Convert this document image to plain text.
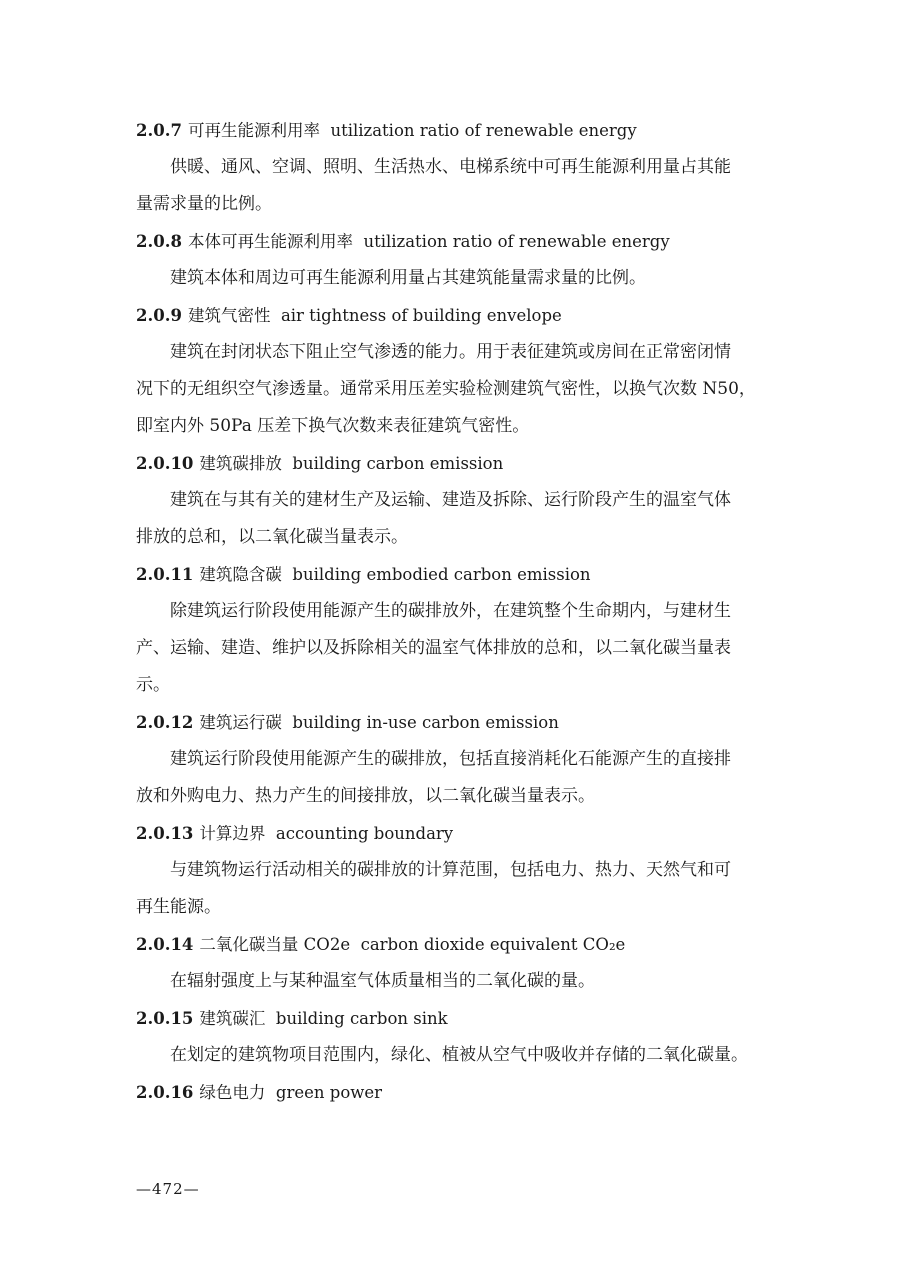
2.0.7 可再生能源利用率 utilization ratio of renewable energy

供暖、通风、空调、照明、生活热水、电梯系统中可再生能源利用量占其能

量需求量的比例。

2.0.8 本体可再生能源利用率 utilization ratio of renewable energy

建筑本体和周边可再生能源利用量占其建筑能量需求量的比例。

2.0.9 建筑气密性 air tightness of building envelope

建筑在封闭状态下阻止空气渗透的能力。用于表征建筑或房间在正常密闭情

况下的无组织空气渗透量。通常采用压差实验检测建筑气密性，以换气次数 N50，

即室内外 50Pa 压差下换气次数来表征建筑气密性。

2.0.10 建筑碳排放 building carbon emission

建筑在与其有关的建材生产及运输、建造及拆除、运行阶段产生的温室气体

排放的总和，以二氧化碳当量表示。

2.0.11 建筑隐含碳 building embodied carbon emission

除建筑运行阶段使用能源产生的碳排放外，在建筑整个生命期内，与建材生

产、运输、建造、维护以及拆除相关的温室气体排放的总和，以二氧化碳当量表

示。

2.0.12 建筑运行碳 building in-use carbon emission

建筑运行阶段使用能源产生的碳排放，包括直接消耗化石能源产生的直接排

放和外购电力、热力产生的间接排放，以二氧化碳当量表示。

2.0.13 计算边界 accounting boundary

与建筑物运行活动相关的碳排放的计算范围，包括电力、热力、天然气和可

再生能源。

2.0.14 二氧化碳当量 CO2e carbon dioxide equivalent CO₂e

在辐射强度上与某种温室气体质量相当的二氧化碳的量。

2.0.15 建筑碳汇 building carbon sink

在划定的建筑物项目范围内，绿化、植被从空气中吸收并存储的二氧化碳量。

2.0.16 绿色电力 green power
—472—
